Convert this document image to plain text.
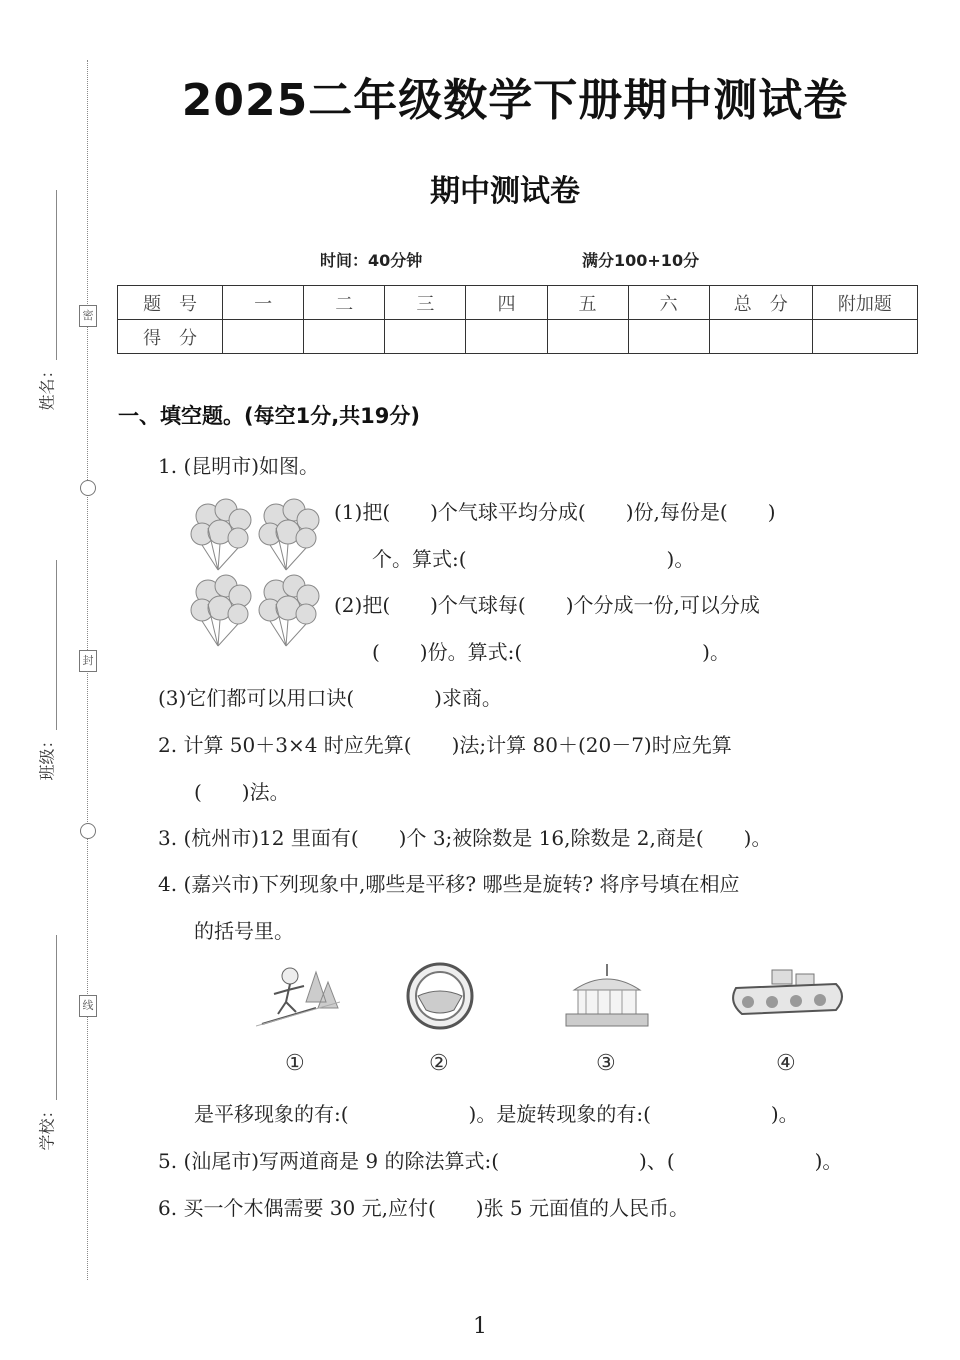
姓名：
班级：
学校：
密
封
线
2025二年级数学下册期中测试卷
期中测试卷
时间：40分钟	满分100+10分
题　号	一	二	三	四	五	六	总　分	附加题
得　分								
一、填空题。(每空1分,共19分)
1. (昆明市)如图。
(1)把(　　)个气球平均分成(　　)份,每份是(　　)
个。算式:(　　　　　　　　　　)。
(2)把(　　)个气球每(　　)个分成一份,可以分成
(　　)份。算式:(　　　　　　　　　)。
(3)它们都可以用口诀(　　　　)求商。
2. 计算 50＋3×4 时应先算(　　)法;计算 80＋(20－7)时应先算
(　　)法。
3. (杭州市)12 里面有(　　)个 3;被除数是 16,除数是 2,商是(　　)。
4. (嘉兴市)下列现象中,哪些是平移? 哪些是旋转? 将序号填在相应
的括号里。
①	②	③	④
是平移现象的有:(　　　　　　)。是旋转现象的有:(　　　　　　)。
5. (汕尾市)写两道商是 9 的除法算式:(　　　　　　　)、(　　　　　　　)。
6. 买一个木偶需要 30 元,应付(　　)张 5 元面值的人民币。
1
